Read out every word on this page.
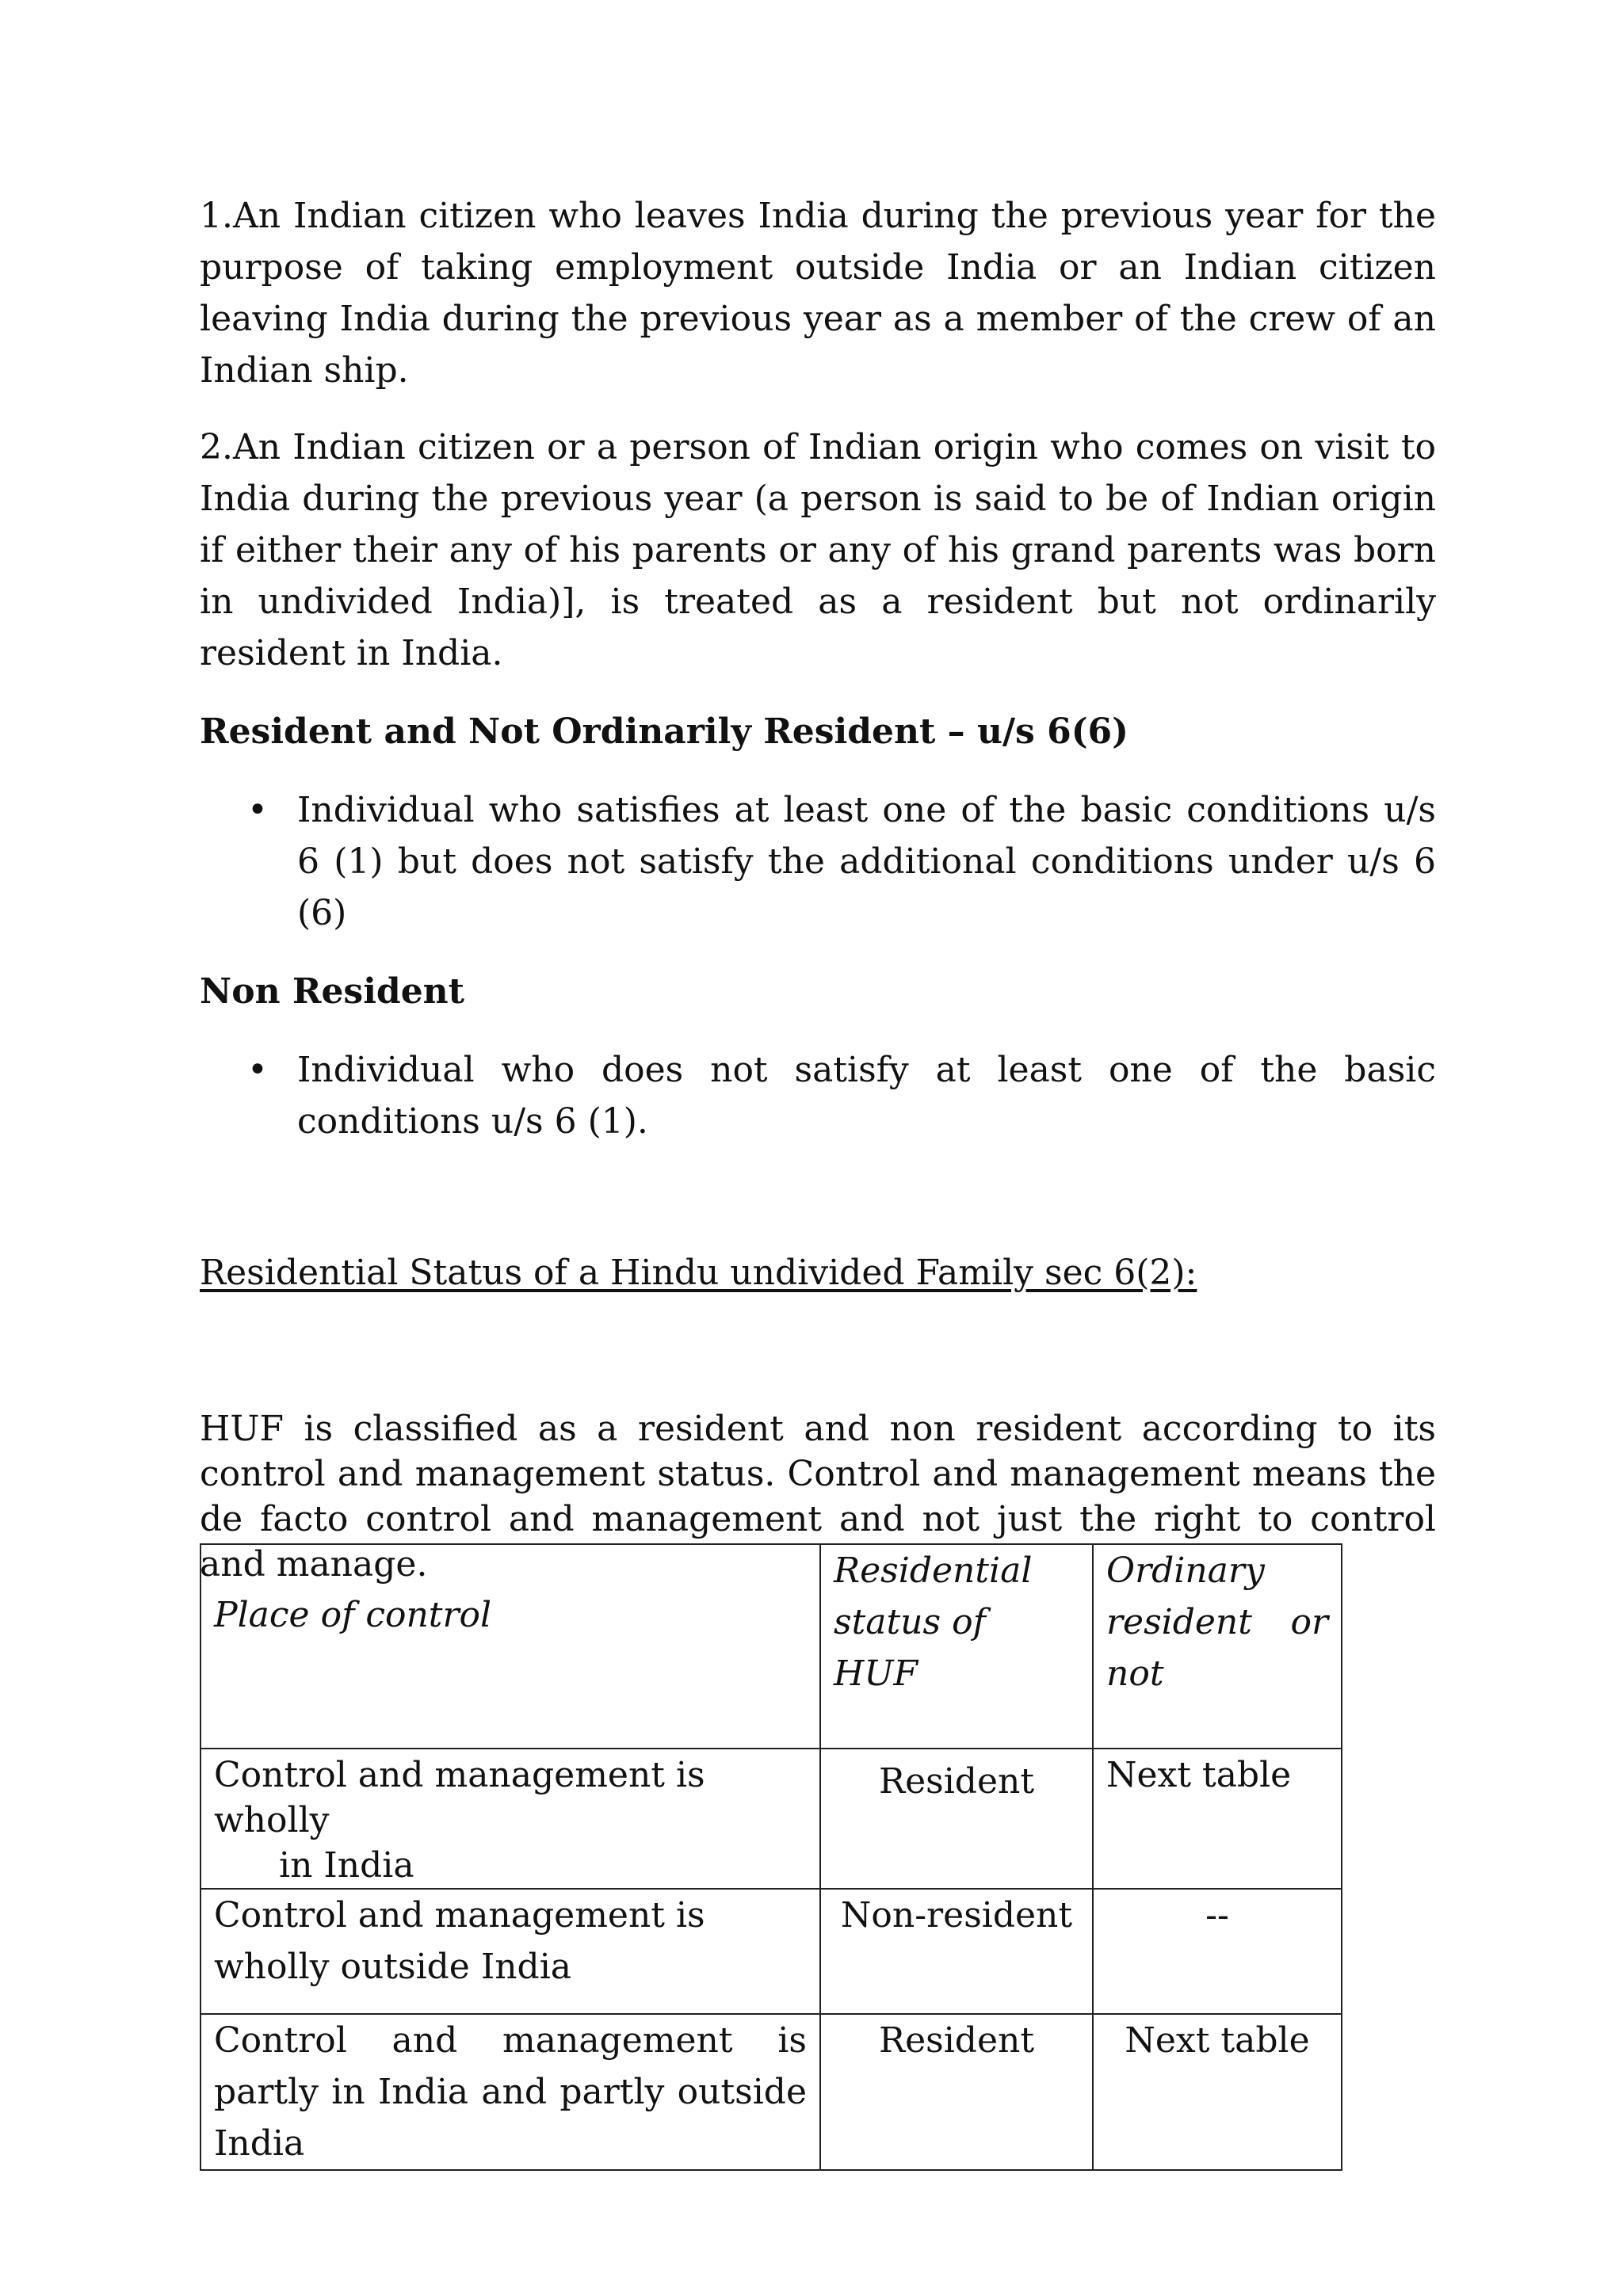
1.An Indian citizen who leaves India during the previous year for the purpose of taking employment outside India or an Indian citizen leaving India during the previous year as a member of the crew of an Indian ship.

2.An Indian citizen or a person of Indian origin who comes on visit to India during the previous year (a person is said to be of Indian origin if either their any of his parents or any of his grand parents was born in undivided India)], is treated as a resident but not ordinarily resident in India.

Resident and Not Ordinarily Resident – u/s 6(6)
• Individual who satisfies at least one of the basic conditions u/s 6 (1) but does not satisfy the additional conditions under u/s 6 (6)
Non Resident
• Individual who does not satisfy at least one of the basic conditions u/s 6 (1).

Residential Status of a Hindu undivided Family sec 6(2):

HUF is classified as a resident and non resident according to its control and management status. Control and management means the de facto control and management and not just the right to control and manage.

Place of control	Residential status of HUF	Ordinary resident or not

Control and management is wholly
in India	Resident	Next table
Control and management is wholly outside India	Non-resident	--
Control and management is partly in India and partly outside India	Resident	Next table
